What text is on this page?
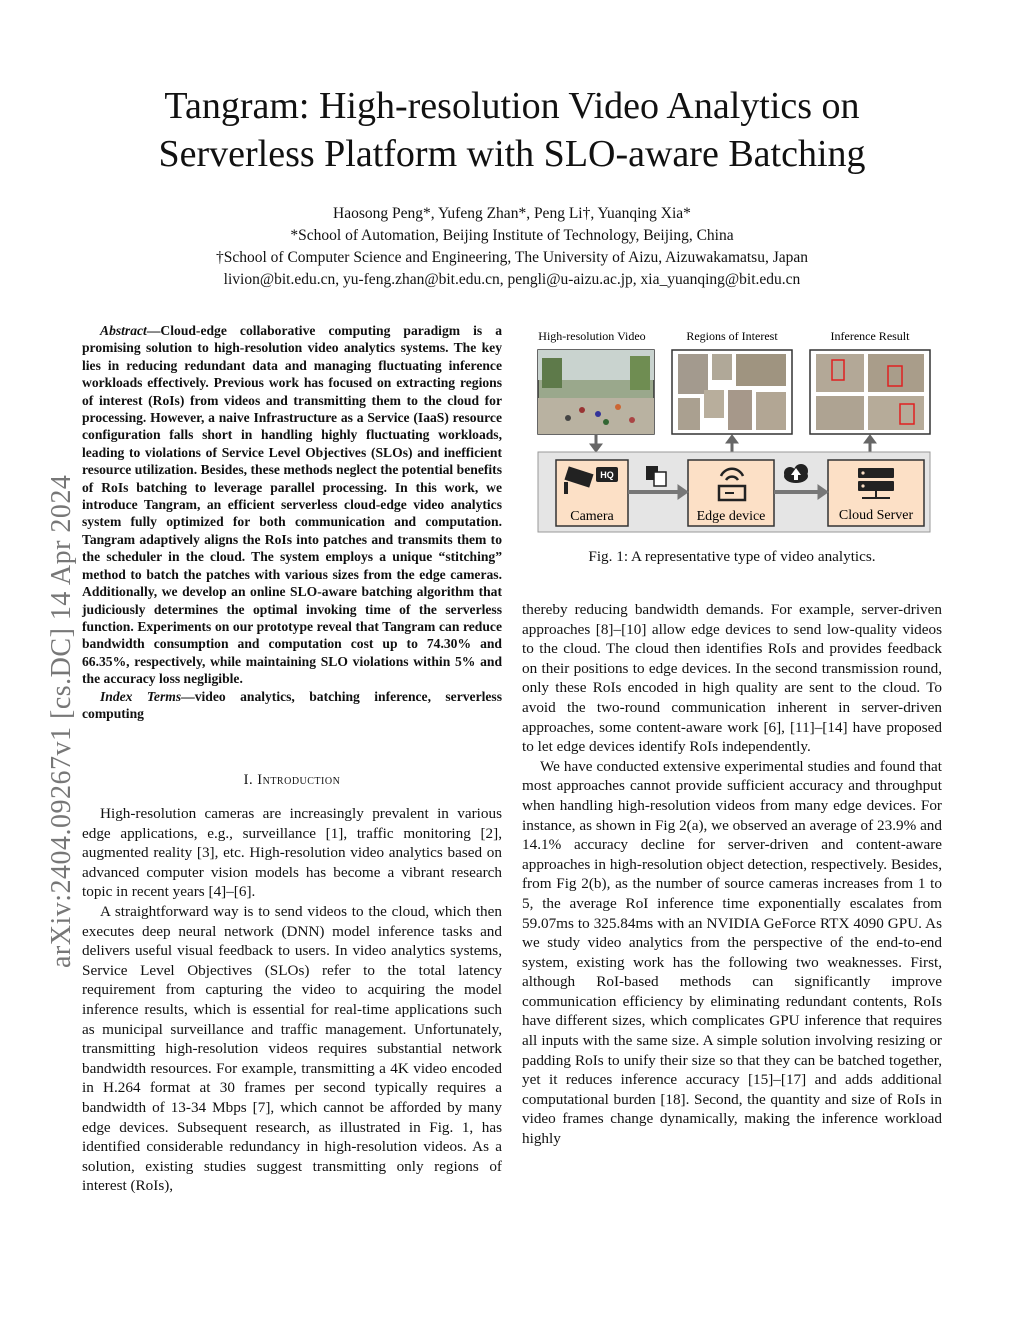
arXiv:2404.09267v1 [cs.DC] 14 Apr 2024
Tangram: High-resolution Video Analytics on
Serverless Platform with SLO-aware Batching
Haosong Peng*, Yufeng Zhan*, Peng Li†, Yuanqing Xia*
*School of Automation, Beijing Institute of Technology, Beijing, China
†School of Computer Science and Engineering, The University of Aizu, Aizuwakamatsu, Japan
livion@bit.edu.cn, yu-feng.zhan@bit.edu.cn, pengli@u-aizu.ac.jp, xia_yuanqing@bit.edu.cn
Abstract—Cloud-edge collaborative computing paradigm is a promising solution to high-resolution video analytics systems. The key lies in reducing redundant data and managing fluctuating inference workloads effectively. Previous work has focused on extracting regions of interest (RoIs) from videos and transmitting them to the cloud for processing. However, a naive Infrastructure as a Service (IaaS) resource configuration falls short in handling highly fluctuating workloads, leading to violations of Service Level Objectives (SLOs) and inefficient resource utilization. Besides, these methods neglect the potential benefits of RoIs batching to leverage parallel processing. In this work, we introduce Tangram, an efficient serverless cloud-edge video analytics system fully optimized for both communication and computation. Tangram adaptively aligns the RoIs into patches and transmits them to the scheduler in the cloud. The system employs a unique “stitching” method to batch the patches with various sizes from the edge cameras. Additionally, we develop an online SLO-aware batching algorithm that judiciously determines the optimal invoking time of the serverless function. Experiments on our prototype reveal that Tangram can reduce bandwidth consumption and computation cost up to 74.30% and 66.35%, respectively, while maintaining SLO violations within 5% and the accuracy loss negligible.
Index Terms—video analytics, batching inference, serverless computing
I. Introduction

High-resolution cameras are increasingly prevalent in various edge applications, e.g., surveillance [1], traffic monitoring [2], augmented reality [3], etc. High-resolution video analytics based on advanced computer vision models has become a vibrant research topic in recent years [4]–[6].

A straightforward way is to send videos to the cloud, which then executes deep neural network (DNN) model inference tasks and delivers useful visual feedback to users. In video analytics systems, Service Level Objectives (SLOs) refer to the total latency requirement from capturing the video to acquiring the model inference results, which is essential for real-time applications such as municipal surveillance and traffic management. Unfortunately, transmitting high-resolution videos requires substantial network bandwidth resources. For example, transmitting a 4K video encoded in H.264 format at 30 frames per second typically requires a bandwidth of 13-34 Mbps [7], which cannot be afforded by many edge devices. Subsequent research, as illustrated in Fig. 1, has identified considerable redundancy in high-resolution videos. As a solution, existing studies suggest transmitting only regions of interest (RoIs),

High-resolution Video	Regions of Interest	Inference Result
HQ
Camera	Edge device	Cloud Server
Fig. 1: A representative type of video analytics.

thereby reducing bandwidth demands. For example, server-driven approaches [8]–[10] allow edge devices to send low-quality videos to the cloud. The cloud then identifies RoIs and provides feedback on their positions to edge devices. In the second transmission round, only these RoIs encoded in high quality are sent to the cloud. To avoid the two-round communication inherent in server-driven approaches, some content-aware work [6], [11]–[14] have proposed to let edge devices identify RoIs independently.

We have conducted extensive experimental studies and found that most approaches cannot provide sufficient accuracy and throughput when handling high-resolution videos from many edge devices. For instance, as shown in Fig 2(a), we observed an average of 23.9% and 14.1% accuracy decline for server-driven and content-aware approaches in high-resolution object detection, respectively. Besides, from Fig 2(b), as the number of source cameras increases from 1 to 5, the average RoI inference time exponentially escalates from 59.07ms to 325.84ms with an NVIDIA GeForce RTX 4090 GPU. As we study video analytics from the perspective of the end-to-end system, existing work has the following two weaknesses. First, although RoI-based methods can significantly improve communication efficiency by eliminating redundant contents, RoIs have different sizes, which complicates GPU inference that requires all inputs with the same size. A simple solution involving resizing or padding RoIs to unify their size so that they can be batched together, yet it reduces inference accuracy [15]–[17] and adds additional computational burden [18]. Second, the quantity and size of RoIs in video frames change dynamically, making the inference workload highly
